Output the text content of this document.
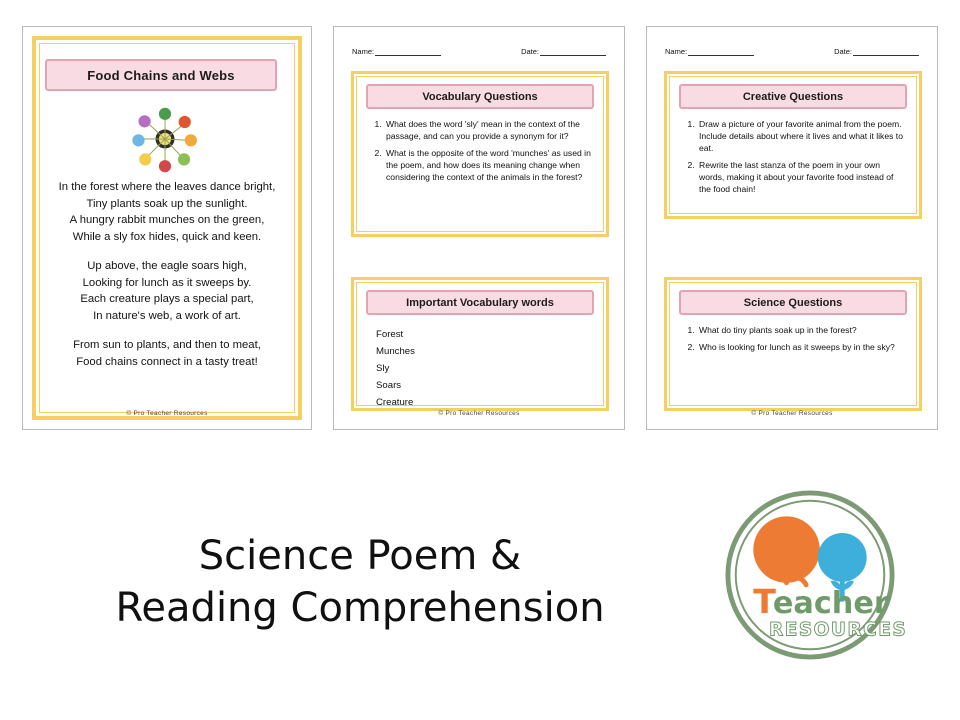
Food Chains and Webs

In the forest where the leaves dance bright,
Tiny plants soak up the sunlight.
A hungry rabbit munches on the green,
While a sly fox hides, quick and keen.

Up above, the eagle soars high,
Looking for lunch as it sweeps by.
Each creature plays a special part,
In nature's web, a work of art.

From sun to plants, and then to meat,
Food chains connect in a tasty treat!

© Pro Teacher Resources
Name:	Date:
Vocabulary Questions
1. What does the word 'sly' mean in the context of the passage, and can you provide a synonym for it?
2. What is the opposite of the word 'munches' as used in the poem, and how does its meaning change when considering the context of the animals in the forest?
Important Vocabulary words
Forest
Munches
Sly
Soars
Creature
© Pro Teacher Resources
Name:	Date:
Creative Questions
1. Draw a picture of your favorite animal from the poem. Include details about where it lives and what it likes to eat.
2. Rewrite the last stanza of the poem in your own words, making it about your favorite food instead of the food chain!
Science Questions
1. What do tiny plants soak up in the forest?
2. Who is looking for lunch as it sweeps by in the sky?
© Pro Teacher Resources
Science Poem &
Reading Comprehension	T
eacher
RESOURCES
